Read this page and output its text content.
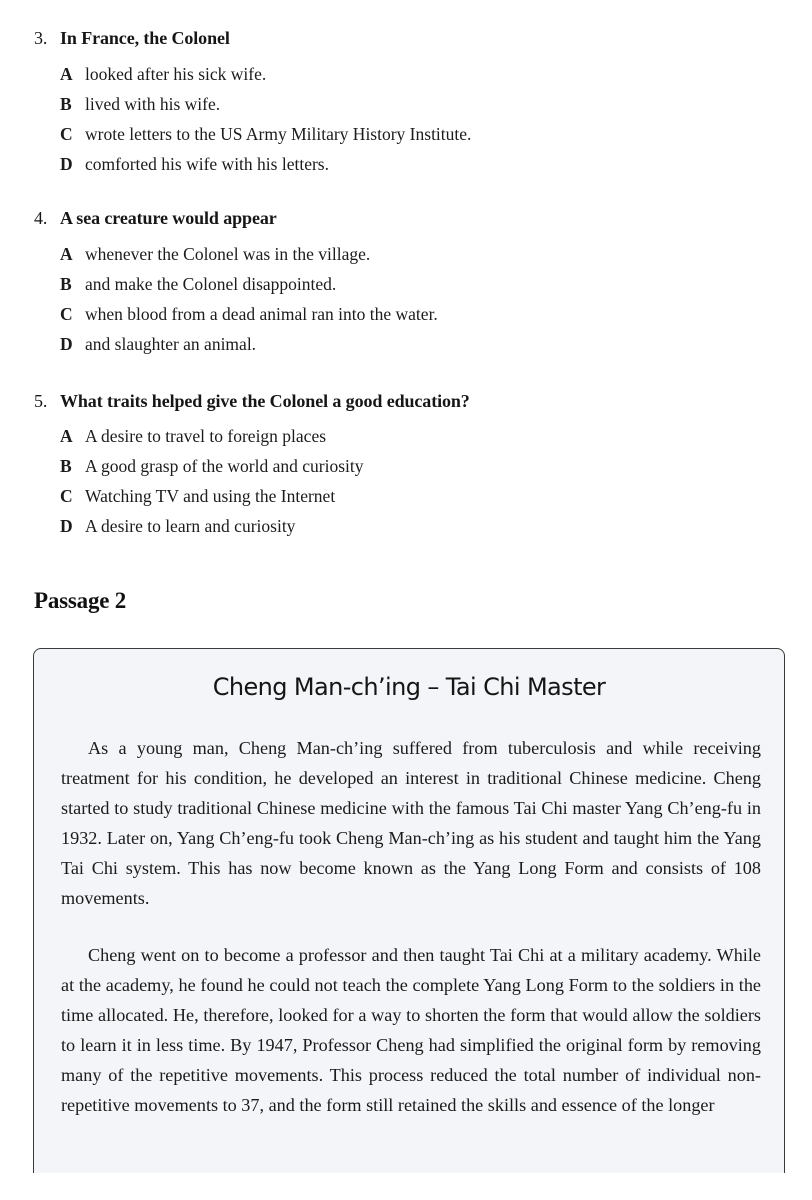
3. In France, the Colonel
A looked after his sick wife.
B lived with his wife.
C wrote letters to the US Army Military History Institute.
D comforted his wife with his letters.
4. A sea creature would appear
A whenever the Colonel was in the village.
B and make the Colonel disappointed.
C when blood from a dead animal ran into the water.
D and slaughter an animal.
5. What traits helped give the Colonel a good education?
A A desire to travel to foreign places
B A good grasp of the world and curiosity
C Watching TV and using the Internet
D A desire to learn and curiosity
Passage 2
Cheng Man-ch’ing – Tai Chi Master

As a young man, Cheng Man-ch’ing suffered from tuberculosis and while receiving treatment for his condition, he developed an interest in traditional Chinese medicine. Cheng started to study traditional Chinese medicine with the famous Tai Chi master Yang Ch’eng-fu in 1932. Later on, Yang Ch’eng-fu took Cheng Man-ch’ing as his student and taught him the Yang Tai Chi system. This has now become known as the Yang Long Form and consists of 108 movements.

Cheng went on to become a professor and then taught Tai Chi at a military academy. While at the academy, he found he could not teach the complete Yang Long Form to the soldiers in the time allocated. He, therefore, looked for a way to shorten the form that would allow the soldiers to learn it in less time. By 1947, Professor Cheng had simplified the original form by removing many of the repetitive movements. This process reduced the total number of individual non-repetitive movements to 37, and the form still retained the skills and essence of the longer
